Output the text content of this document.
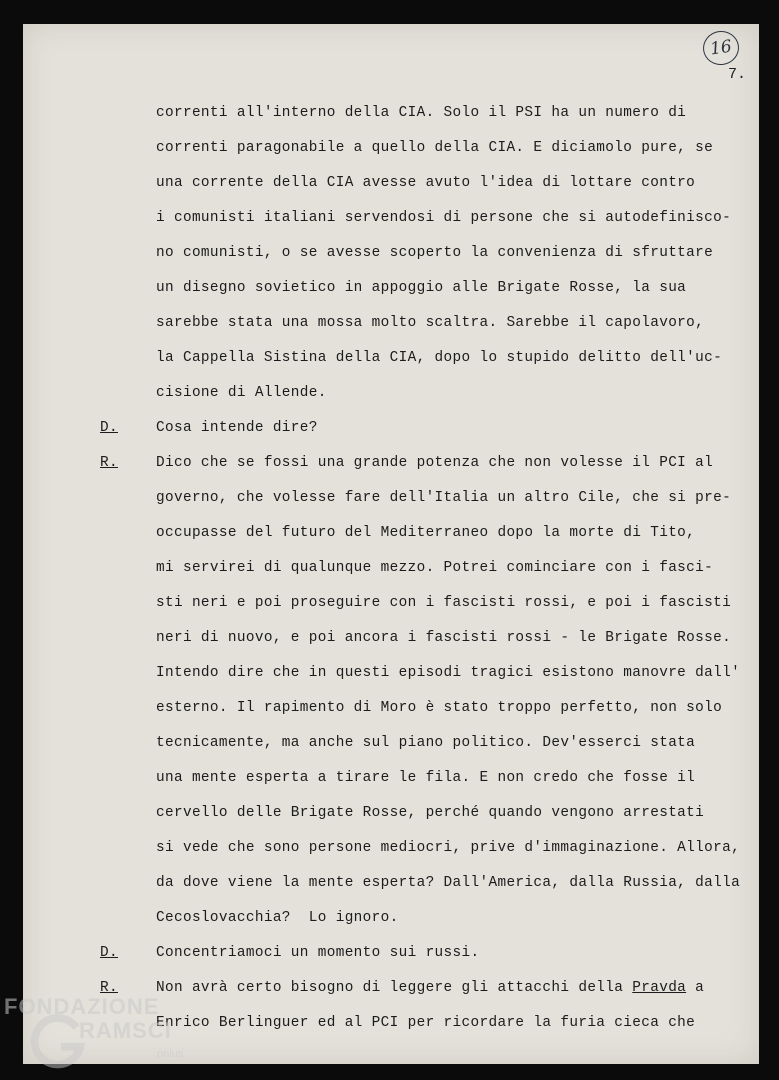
16
7.
correnti all'interno della CIA. Solo il PSI ha un numero di
correnti paragonabile a quello della CIA. E diciamolo pure, se
una corrente della CIA avesse avuto l'idea di lottare contro
i comunisti italiani servendosi di persone che si autodefinisco-
no comunisti, o se avesse scoperto la convenienza di sfruttare
un disegno sovietico in appoggio alle Brigate Rosse, la sua
sarebbe stata una mossa molto scaltra. Sarebbe il capolavoro,
la Cappella Sistina della CIA, dopo lo stupido delitto dell'uc-
cisione di Allende.
D.	Cosa intende dire?
R.	Dico che se fossi una grande potenza che non volesse il PCI al
governo, che volesse fare dell'Italia un altro Cile, che si pre-
occupasse del futuro del Mediterraneo dopo la morte di Tito,
mi servirei di qualunque mezzo. Potrei cominciare con i fasci-
sti neri e poi proseguire con i fascisti rossi, e poi i fascisti
neri di nuovo, e poi ancora i fascisti rossi - le Brigate Rosse.
Intendo dire che in questi episodi tragici esistono manovre dall'
esterno. Il rapimento di Moro è stato troppo perfetto, non solo
tecnicamente, ma anche sul piano politico. Dev'esserci stata
una mente esperta a tirare le fila. E non credo che fosse il
cervello delle Brigate Rosse, perché quando vengono arrestati
si vede che sono persone mediocri, prive d'immaginazione. Allora,
da dove viene la mente esperta? Dall'America, dalla Russia, dalla
Cecoslovacchia?  Lo ignoro.
D.	Concentriamoci un momento sui russi.
R.	Non avrà certo bisogno di leggere gli attacchi della Pravda a
Enrico Berlinguer ed al PCI per ricordare la furia cieca che
FONDAZIONE
RAMSCI
onlus
